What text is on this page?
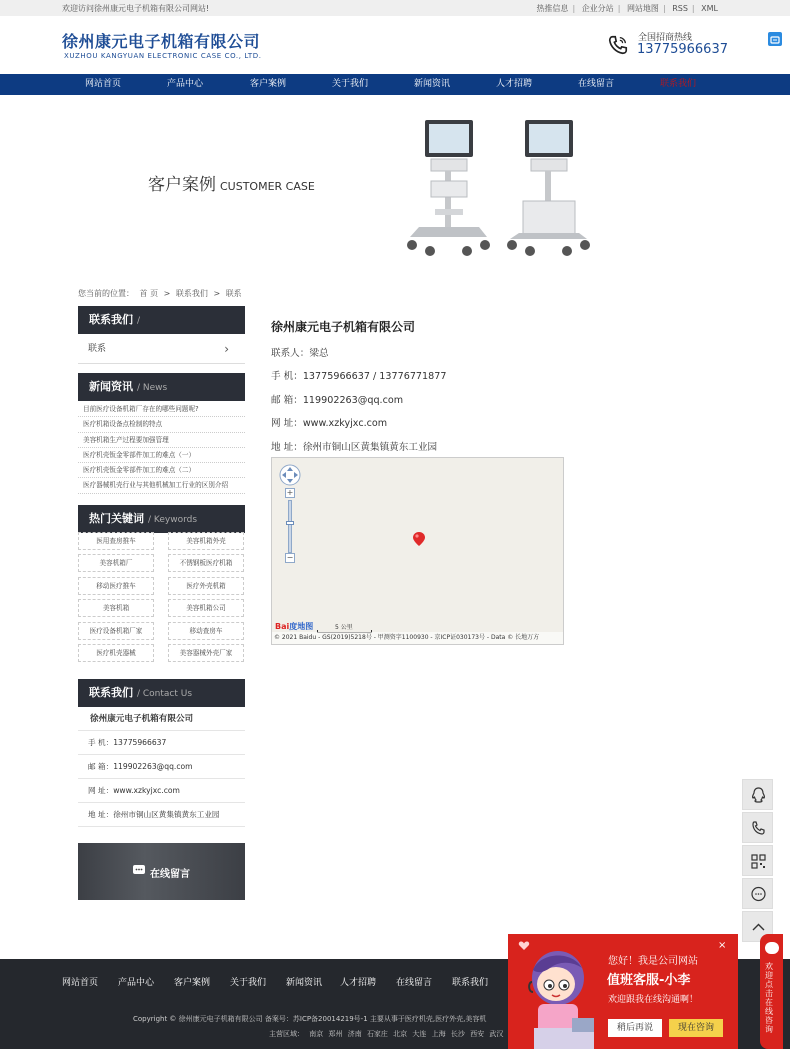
欢迎访问徐州康元电子机箱有限公司网站!	热推信息 | 企业分站 | 网站地图 | RSS | XML
徐州康元电子机箱有限公司
XUZHOU KANGYUAN ELECTRONIC CASE CO., LTD.
全国招商热线
13775966637
网站首页	产品中心	客户案例	关于我们	新闻资讯	人才招聘	在线留言	联系我们
客户案例 CUSTOMER CASE
您当前的位置： 首 页 > 联系我们 > 联系
联系我们 /
联系	›
新闻资讯 / News
目前医疗设备机箱厂存在的哪些问题呢?
医疗机箱设备点检制的特点
美容机箱生产过程要加强管理
医疗机壳钣金零部件加工的难点（一）
医疗机壳钣金零部件加工的难点（二）
医疗器械机壳行业与其他机械加工行业的区别介绍
热门关键词 / Keywords
医用查房推车	美容机箱外壳
美容机箱厂	不锈钢板医疗机箱
移动医疗推车	医疗外壳机箱
美容机箱	美容机箱公司
医疗设备机箱厂家	移动查房车
医疗机壳器械	美容器械外壳厂家
联系我们 / Contact Us
徐州康元电子机箱有限公司
手 机：13775966637
邮 箱：119902263@qq.com
网 址：www.xzkyjxc.com
地 址：徐州市铜山区黄集镇黄东工业园
在线留言
徐州康元电子机箱有限公司
联系人：梁总
手 机：13775966637 / 13776771877
邮 箱：119902263@qq.com
网 址：www.xzkyjxc.com
地 址：徐州市铜山区黄集镇黄东工业园
+
−
Bai度地图	5 公里
© 2021 Baidu - GS(2019)5218号 - 甲测资字1100930 - 京ICP证030173号 - Data © 长地万方
网站首页 产品中心 客户案例 关于我们 新闻资讯 人才招聘 在线留言 联系我们
Copyright © 徐州康元电子机箱有限公司 备案号：苏ICP备20014219号-1 主要从事于医疗机壳,医疗外壳,美容机
主营区域： 南京 郑州 济南 石家庄 北京 大连 上海 长沙 西安 武汉
×
您好！我是公司网站
值班客服-小李
欢迎跟我在线沟通啊！
稍后再说	现在咨询
欢迎点击在线咨询
